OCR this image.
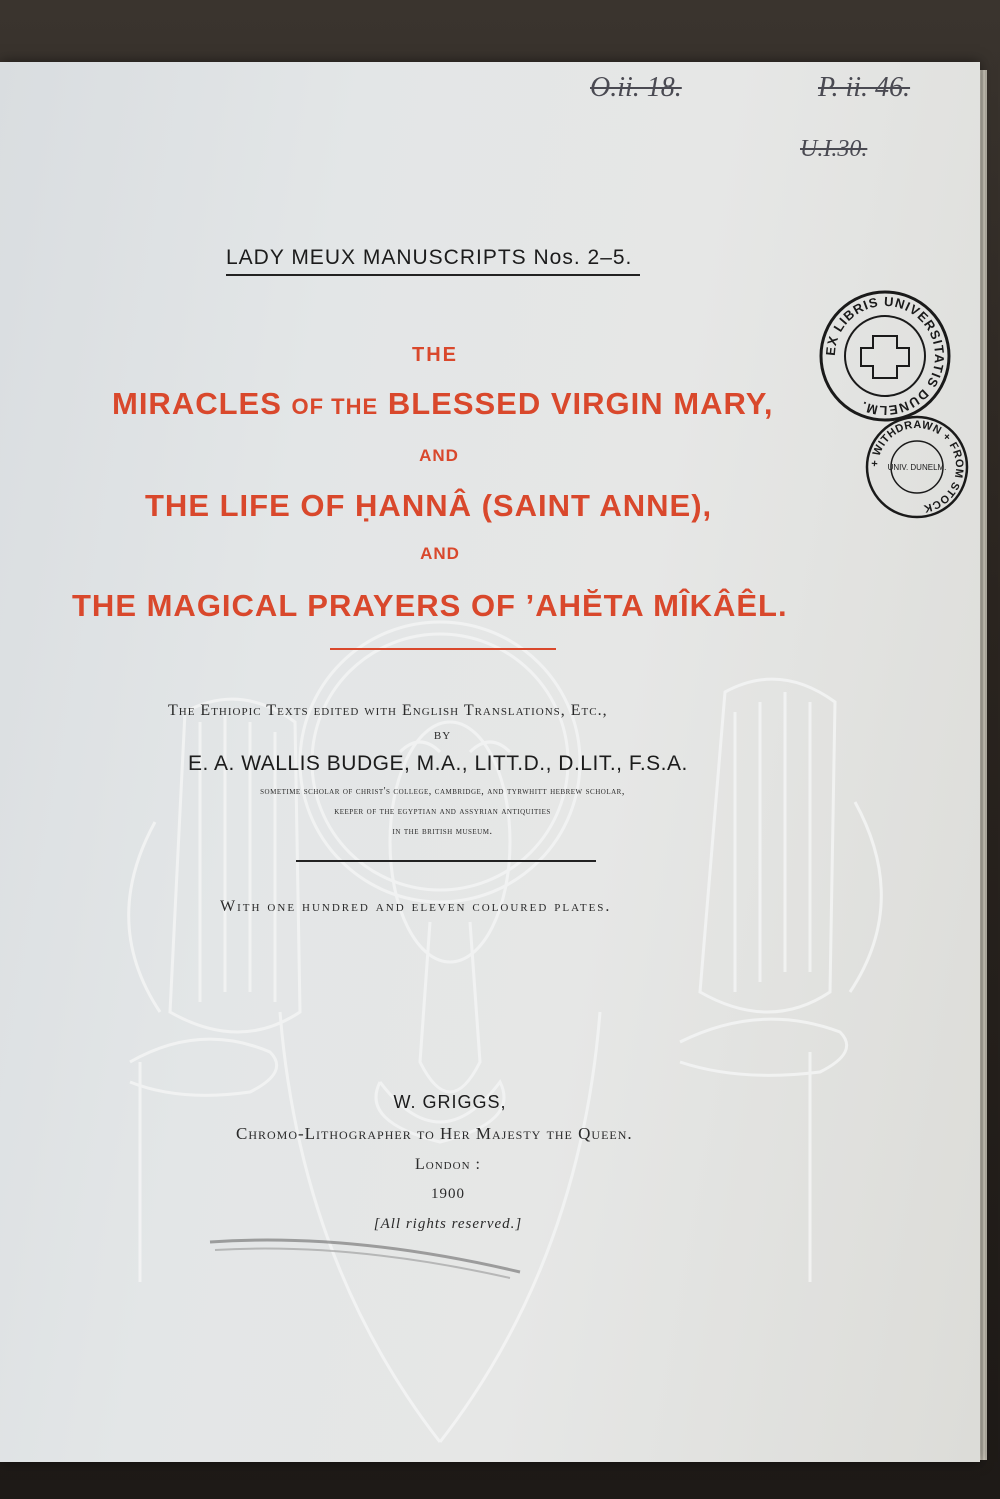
O.ii. 18.	P. ii. 46.
U.I.30.
LADY MEUX MANUSCRIPTS Nos. 2–5.
THE
MIRACLES OF THE BLESSED VIRGIN MARY,
AND
THE LIFE OF ḤANNÂ (SAINT ANNE),
AND
THE MAGICAL PRAYERS OF ’AHĔTA MÎKÂÊL.
The Ethiopic Texts edited with English Translations, Etc.,
BY
E. A. WALLIS BUDGE, M.A., LITT.D., D.LIT., F.S.A.
sometime scholar of christ's college, cambridge, and tyrwhitt hebrew scholar,
keeper of the egyptian and assyrian antiquities
in the british museum.
With one hundred and eleven coloured plates.
W. GRIGGS,
Chromo-Lithographer to Her Majesty the Queen.
London :
1900
[All rights reserved.]
EX LIBRIS UNIVERSITATIS DUNELM.
+ WITHDRAWN + FROM STOCK
UNIV. DUNELM.
